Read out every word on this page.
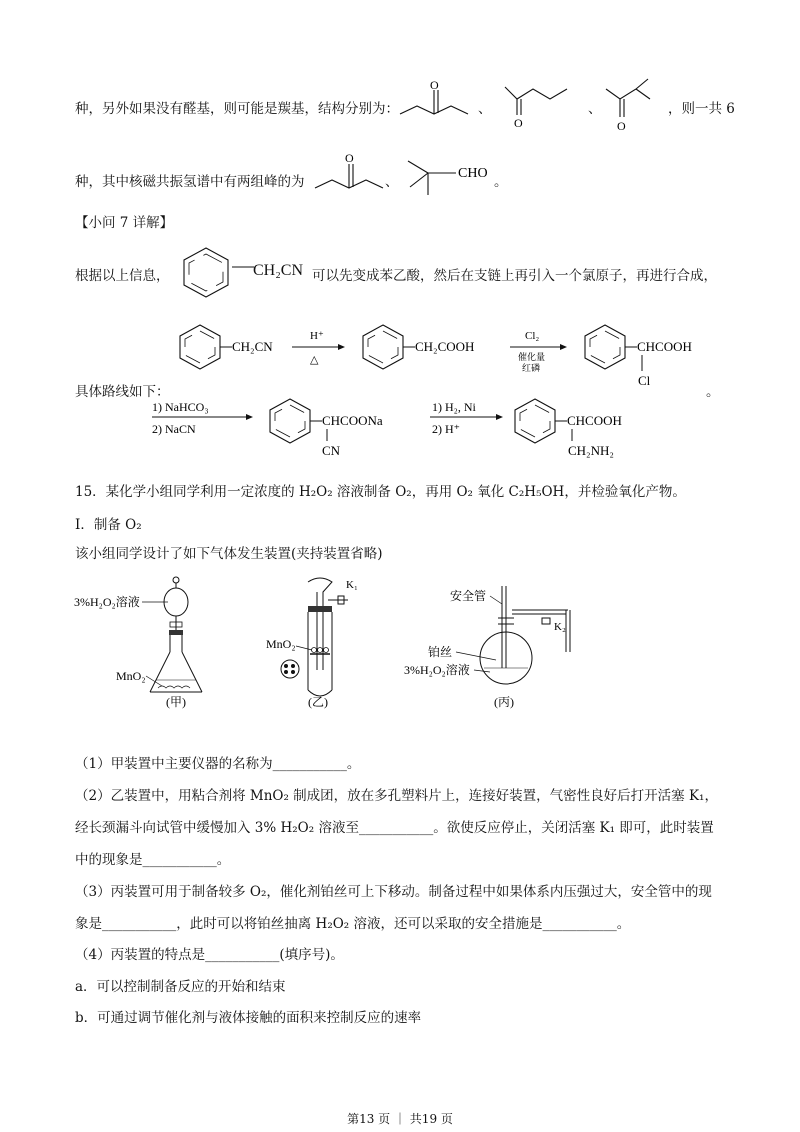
种，另外如果没有醛基，则可能是羰基，结构分别为：
O
、
O
、
O
，则一共 6
种，其中核磁共振氢谱中有两组峰的为
O
、
CHO
。
【小问 7 详解】
根据以上信息，	CH₂CN 可以先变成苯乙酸，然后在支链上再引入一个氯原子，再进行合成，
具体路线如下：	。
CH₂CN
H⁺
△
CH₂COOH
Cl₂
催化量
红磷
CHCOOH
Cl
1) NaHCO₃
2) NaCN
CHCOONa
CN
1) H₂, Ni
2) H⁺
CHCOOH
CH₂NH₂
15．某化学小组同学利用一定浓度的 H₂O₂ 溶液制备 O₂，再用 O₂ 氧化 C₂H₅OH，并检验氧化产物。
Ⅰ．制备 O₂
该小组同学设计了如下气体发生装置(夹持装置省略)
3%H₂O₂溶液
MnO₂
(甲)
K₁
MnO₂
(乙)
安全管
K₂
铂丝
3%H₂O₂溶液
(丙)
（1）甲装置中主要仪器的名称为___________。
（2）乙装置中，用粘合剂将 MnO₂ 制成团，放在多孔塑料片上，连接好装置，气密性良好后打开活塞 K₁，
经长颈漏斗向试管中缓慢加入 3% H₂O₂ 溶液至___________。欲使反应停止，关闭活塞 K₁ 即可，此时装置
中的现象是___________。
（3）丙装置可用于制备较多 O₂，催化剂铂丝可上下移动。制备过程中如果体系内压强过大，安全管中的现
象是___________，此时可以将铂丝抽离 H₂O₂ 溶液，还可以采取的安全措施是___________。
（4）丙装置的特点是___________(填序号)。
a．可以控制制备反应的开始和结束
b．可通过调节催化剂与液体接触的面积来控制反应的速率
第13 页 ｜ 共19 页
